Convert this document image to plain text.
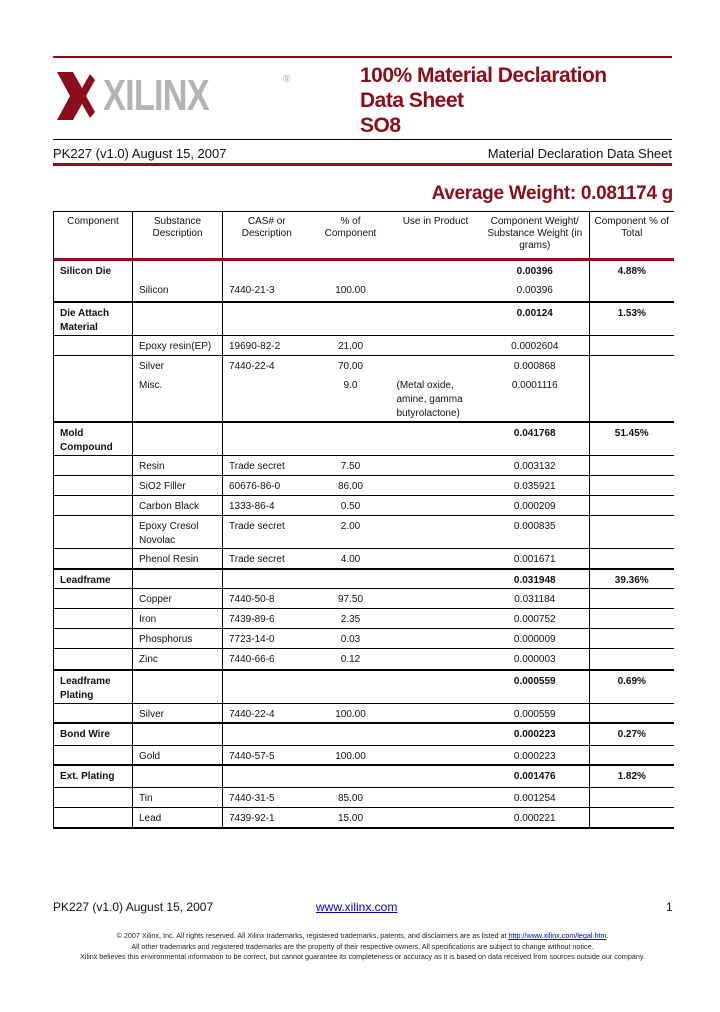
XILINX	®	100% Material Declaration
Data Sheet
SO8
PK227 (v1.0) August 15, 2007	Material Declaration Data Sheet
Average Weight: 0.081174 g
Component	Substance Description	CAS# or Description	% of Component	Use in Product	Component Weight/ Substance Weight (in grams)	Component % of Total
Silicon Die					0.00396	4.88%
	Silicon	7440-21-3	100.00		0.00396	
Die Attach Material					0.00124	1.53%
	Epoxy resin(EP)	19690-82-2	21.00		0.0002604	
	Silver	7440-22-4	70.00		0.000868	
	Misc.		9.0	(Metal oxide, amine, gamma butyrolactone)	0.0001116	
Mold Compound					0.041768	51.45%
	Resin	Trade secret	7.50		0.003132	
	SiO2 Filler	60676-86-0	86.00		0.035921	
	Carbon Black	1333-86-4	0.50		0.000209	
	Epoxy Cresol Novolac	Trade secret	2.00		0.000835	
	Phenol Resin	Trade secret	4.00		0.001671	
Leadframe					0.031948	39.36%
	Copper	7440-50-8	97.50		0.031184	
	Iron	7439-89-6	2.35		0.000752	
	Phosphorus	7723-14-0	0.03		0.000009	
	Zinc	7440-66-6	0.12		0.000003	
Leadframe Plating					0.000559	0.69%
	Silver	7440-22-4	100.00		0.000559	
Bond Wire					0.000223	0.27%
	Gold	7440-57-5	100.00		0.000223	
Ext. Plating					0.001476	1.82%
	Tin	7440-31-5	85.00		0.001254	
	Lead	7439-92-1	15.00		0.000221	
PK227 (v1.0) August 15, 2007	www.xilinx.com	1
© 2007 Xilinx, Inc. All rights reserved. All Xilinx trademarks, registered trademarks, patents, and disclaimers are as listed at http://www.xilinx.com/legal.htm.
All other trademarks and registered trademarks are the property of their respective owners. All specifications are subject to change without notice.
Xilinx believes this environmental information to be correct, but cannot guarantee its completeness or accuracy as it is based on data received from sources outside our company.
